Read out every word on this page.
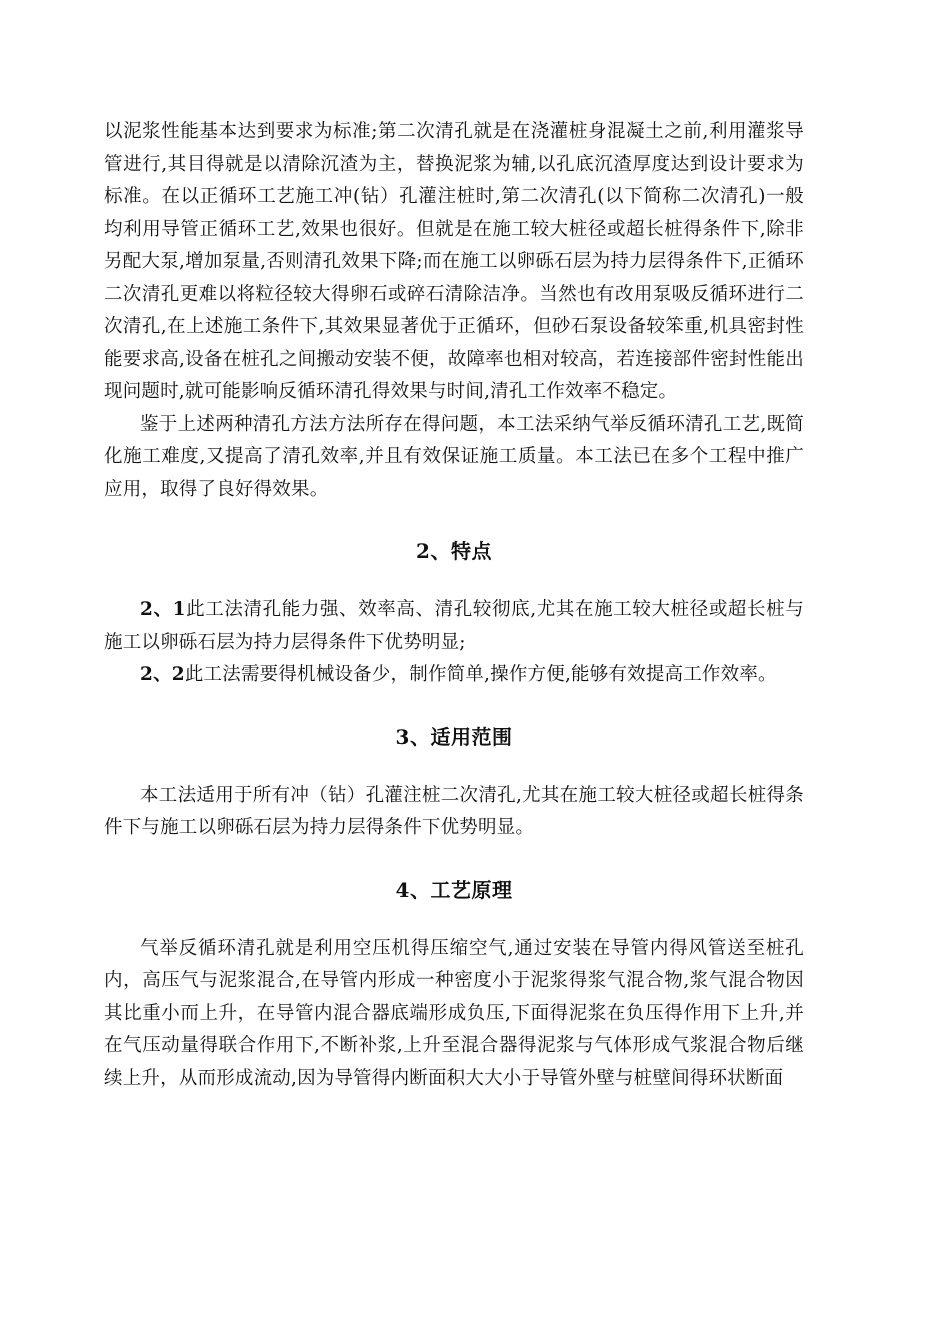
以泥浆性能基本达到要求为标准;第二次清孔就是在浇灌桩身混凝土之前,利用灌浆导管进行,其目得就是以清除沉渣为主，替换泥浆为辅,以孔底沉渣厚度达到设计要求为标准。在以正循环工艺施工冲(钻）孔灌注桩时,第二次清孔(以下简称二次清孔)一般均利用导管正循环工艺,效果也很好。但就是在施工较大桩径或超长桩得条件下,除非另配大泵,增加泵量,否则清孔效果下降;而在施工以卵砾石层为持力层得条件下,正循环二次清孔更难以将粒径较大得卵石或碎石清除洁净。当然也有改用泵吸反循环进行二次清孔,在上述施工条件下,其效果显著优于正循环，但砂石泵设备较笨重,机具密封性能要求高,设备在桩孔之间搬动安装不便，故障率也相对较高，若连接部件密封性能出现问题时,就可能影响反循环清孔得效果与时间,清孔工作效率不稳定。

鉴于上述两种清孔方法方法所存在得问题，本工法采纳气举反循环清孔工艺,既简化施工难度,又提高了清孔效率,并且有效保证施工质量。本工法已在多个工程中推广应用，取得了良好得效果。

2、特点

2、1此工法清孔能力强、效率高、清孔较彻底,尤其在施工较大桩径或超长桩与施工以卵砾石层为持力层得条件下优势明显;

2、2此工法需要得机械设备少，制作简单,操作方便,能够有效提高工作效率。

3、适用范围

本工法适用于所有冲（钻）孔灌注桩二次清孔,尤其在施工较大桩径或超长桩得条件下与施工以卵砾石层为持力层得条件下优势明显。

4、工艺原理

气举反循环清孔就是利用空压机得压缩空气,通过安装在导管内得风管送至桩孔内，高压气与泥浆混合,在导管内形成一种密度小于泥浆得浆气混合物,浆气混合物因其比重小而上升，在导管内混合器底端形成负压,下面得泥浆在负压得作用下上升,并在气压动量得联合作用下,不断补浆,上升至混合器得泥浆与气体形成气浆混合物后继续上升，从而形成流动,因为导管得内断面积大大小于导管外壁与桩壁间得环状断面
